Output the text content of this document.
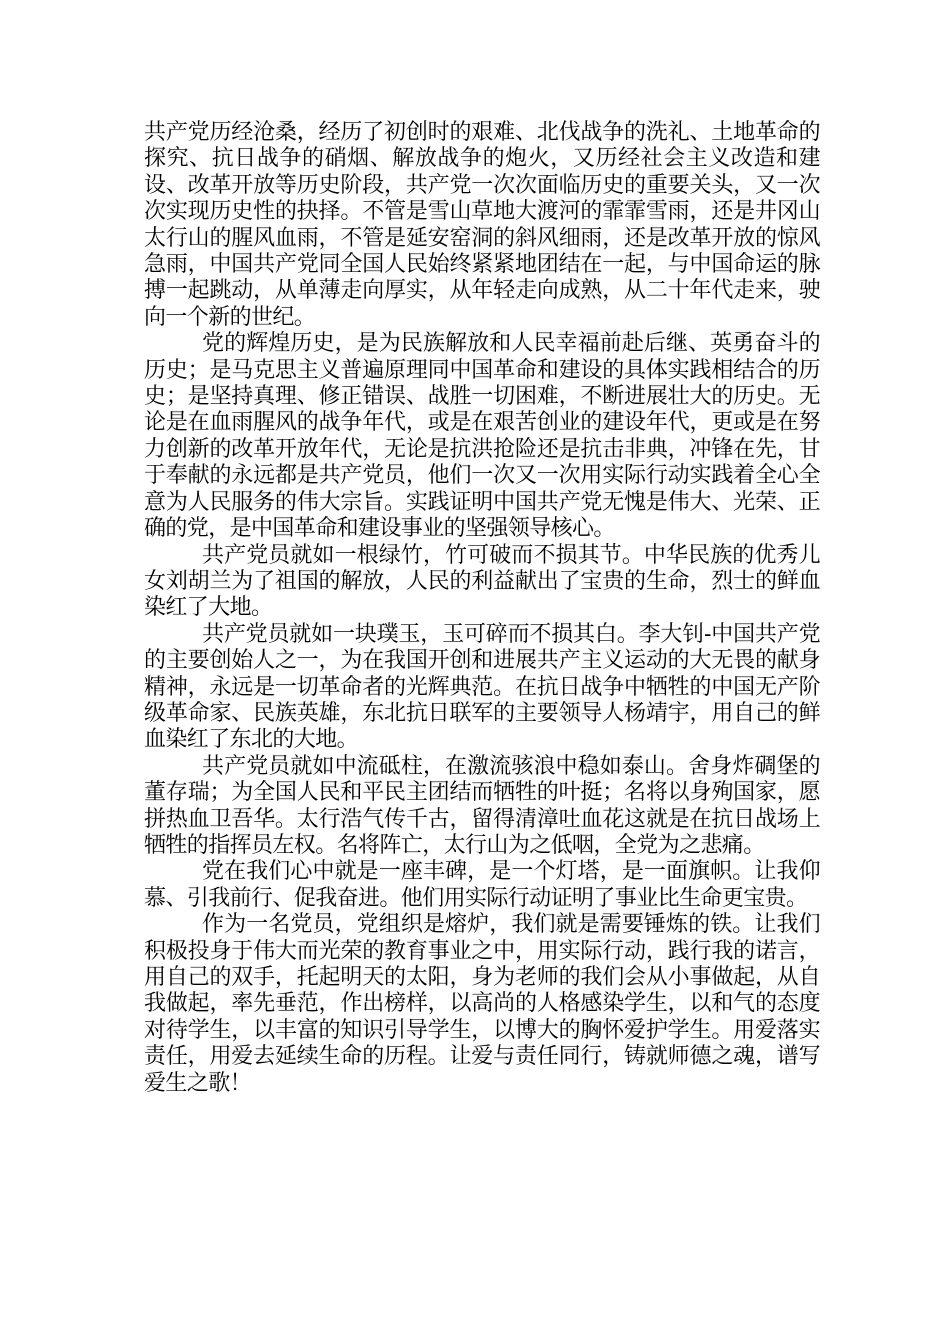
共产党历经沧桑，经历了初创时的艰难、北伐战争的洗礼、土地革命的探究、抗日战争的硝烟、解放战争的炮火，又历经社会主义改造和建设、改革开放等历史阶段，共产党一次次面临历史的重要关头，又一次次实现历史性的抉择。不管是雪山草地大渡河的霏霏雪雨，还是井冈山太行山的腥风血雨，不管是延安窑洞的斜风细雨，还是改革开放的惊风急雨，中国共产党同全国人民始终紧紧地团结在一起，与中国命运的脉搏一起跳动，从单薄走向厚实，从年轻走向成熟，从二十年代走来，驶向一个新的世纪。

党的辉煌历史，是为民族解放和人民幸福前赴后继、英勇奋斗的历史；是马克思主义普遍原理同中国革命和建设的具体实践相结合的历史；是坚持真理、修正错误、战胜一切困难，不断进展壮大的历史。无论是在血雨腥风的战争年代，或是在艰苦创业的建设年代，更或是在努力创新的改革开放年代，无论是抗洪抢险还是抗击非典，冲锋在先，甘于奉献的永远都是共产党员，他们一次又一次用实际行动实践着全心全意为人民服务的伟大宗旨。实践证明中国共产党无愧是伟大、光荣、正确的党，是中国革命和建设事业的坚强领导核心。

共产党员就如一根绿竹，竹可破而不损其节。中华民族的优秀儿女刘胡兰为了祖国的解放，人民的利益献出了宝贵的生命，烈士的鲜血染红了大地。

共产党员就如一块璞玉，玉可碎而不损其白。李大钊-中国共产党的主要创始人之一，为在我国开创和进展共产主义运动的大无畏的献身精神，永远是一切革命者的光辉典范。在抗日战争中牺牲的中国无产阶级革命家、民族英雄，东北抗日联军的主要领导人杨靖宇，用自己的鲜血染红了东北的大地。

共产党员就如中流砥柱，在激流骇浪中稳如泰山。舍身炸碉堡的董存瑞；为全国人民和平民主团结而牺牲的叶挺；名将以身殉国家，愿拼热血卫吾华。太行浩气传千古，留得清漳吐血花这就是在抗日战场上牺牲的指挥员左权。名将阵亡，太行山为之低咽，全党为之悲痛。

党在我们心中就是一座丰碑，是一个灯塔，是一面旗帜。让我仰慕、引我前行、促我奋进。他们用实际行动证明了事业比生命更宝贵。

作为一名党员，党组织是熔炉，我们就是需要锤炼的铁。让我们积极投身于伟大而光荣的教育事业之中，用实际行动，践行我的诺言，用自己的双手，托起明天的太阳，身为老师的我们会从小事做起，从自我做起，率先垂范，作出榜样，以高尚的人格感染学生，以和气的态度对待学生，以丰富的知识引导学生，以博大的胸怀爱护学生。用爱落实责任，用爱去延续生命的历程。让爱与责任同行，铸就师德之魂，谱写爱生之歌！
